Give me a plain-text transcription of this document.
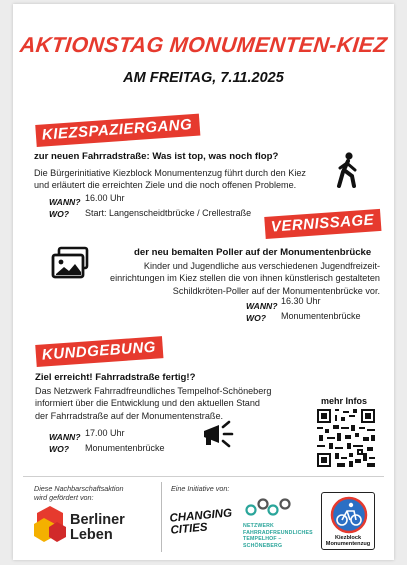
AKTIONSTAG MONUMENTEN-KIEZ
AM FREITAG, 7.11.2025
KIEZSPAZIERGANG
zur neuen Fahrradstraße: Was ist top, was noch flop?
Die Bürgerinitiative Kiezblock Monumentenzug führt durch den Kiez
und erläutert die erreichten Ziele und die noch offenen Probleme.
WANN?
WO?
16.00 Uhr
Start: Langenscheidtbrücke / Crellestraße	VERNISSAGE
der neu bemalten Poller auf der Monumentenbrücke
Kinder und Jugendliche aus verschiedenen Jugendfreizeit-
einrichtungen im Kiez stellen die von ihnen künstlerisch gestalteten
Schildkröten-Poller auf der Monumentenbrücke vor.
WANN?
WO?
16.30 Uhr
Monumentenbrücke
KUNDGEBUNG
Ziel erreicht! Fahrradstraße fertig!?
Das Netzwerk Fahrradfreundliches Tempelhof-Schöneberg
informiert über die Entwicklung und den aktuellen Stand
der Fahrradstraße auf der Monumentenstraße.
WANN?
WO?
17.00 Uhr
Monumentenbrücke
mehr Infos
Diese Nachbarschaftsaktion
wird gefördert von:
Berliner
Leben
Eine Initiative von:
CHANGING
CITIES	NETZWERK
FAHRRADFREUNDLICHES
TEMPELHOF –
SCHÖNEBERG
Kiezblock
Monumentenzug
